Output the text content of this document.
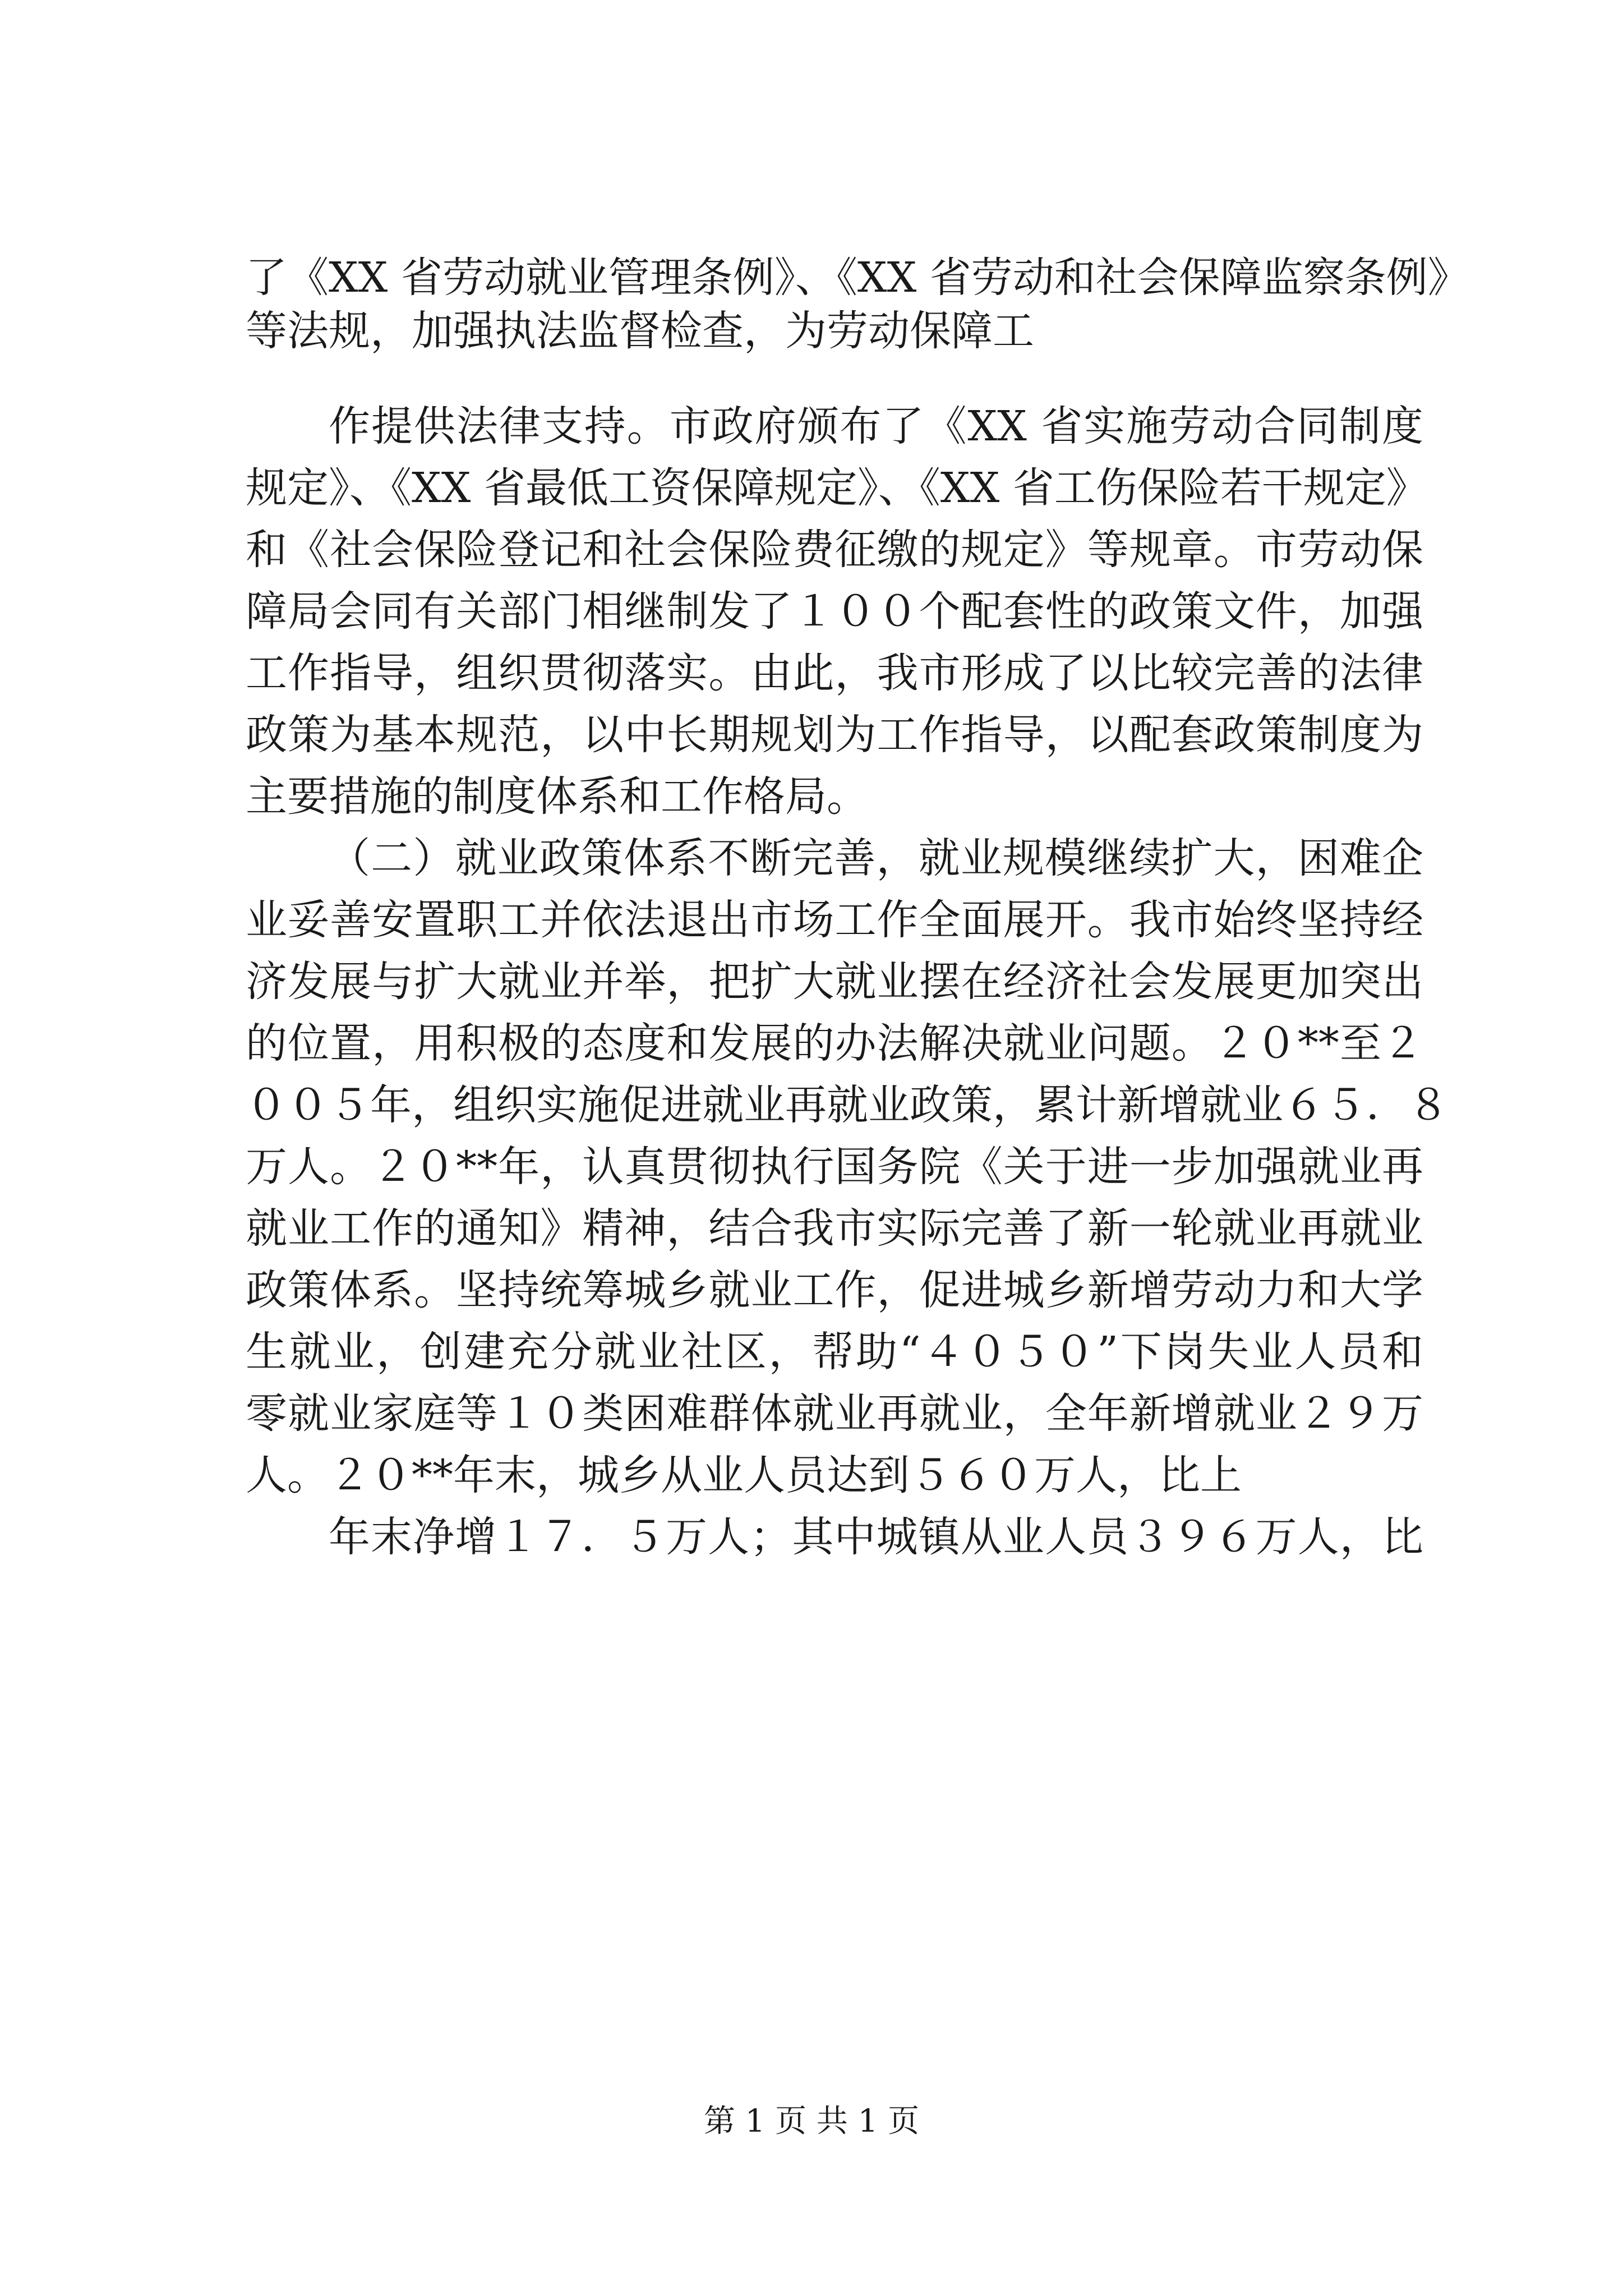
了《XX 省劳动就业管理条例》、《XX 省劳动和社会保障监察条例》
等法规，加强执法监督检查，为劳动保障工
作提供法律支持。市政府颁布了《XX 省实施劳动合同制度
规定》、《XX 省最低工资保障规定》、《XX 省工伤保险若干规定》
和《社会保险登记和社会保险费征缴的规定》等规章。市劳动保
障局会同有关部门相继制发了１００个配套性的政策文件，加强
工作指导，组织贯彻落实。由此，我市形成了以比较完善的法律
政策为基本规范，以中长期规划为工作指导，以配套政策制度为
主要措施的制度体系和工作格局。
（二）就业政策体系不断完善，就业规模继续扩大，困难企
业妥善安置职工并依法退出市场工作全面展开。我市始终坚持经
济发展与扩大就业并举，把扩大就业摆在经济社会发展更加突出
的位置，用积极的态度和发展的办法解决就业问题。２０**至２
００５年，组织实施促进就业再就业政策，累计新增就业６５．８
万人。２０**年，认真贯彻执行国务院《关于进一步加强就业再
就业工作的通知》精神，结合我市实际完善了新一轮就业再就业
政策体系。坚持统筹城乡就业工作，促进城乡新增劳动力和大学
生就业，创建充分就业社区，帮助“４０５０”下岗失业人员和
零就业家庭等１０类困难群体就业再就业，全年新增就业２９万
人。２０**年末，城乡从业人员达到５６０万人，比上
年末净增１７．５万人；其中城镇从业人员３９６万人，比
第 1 页 共 1 页
